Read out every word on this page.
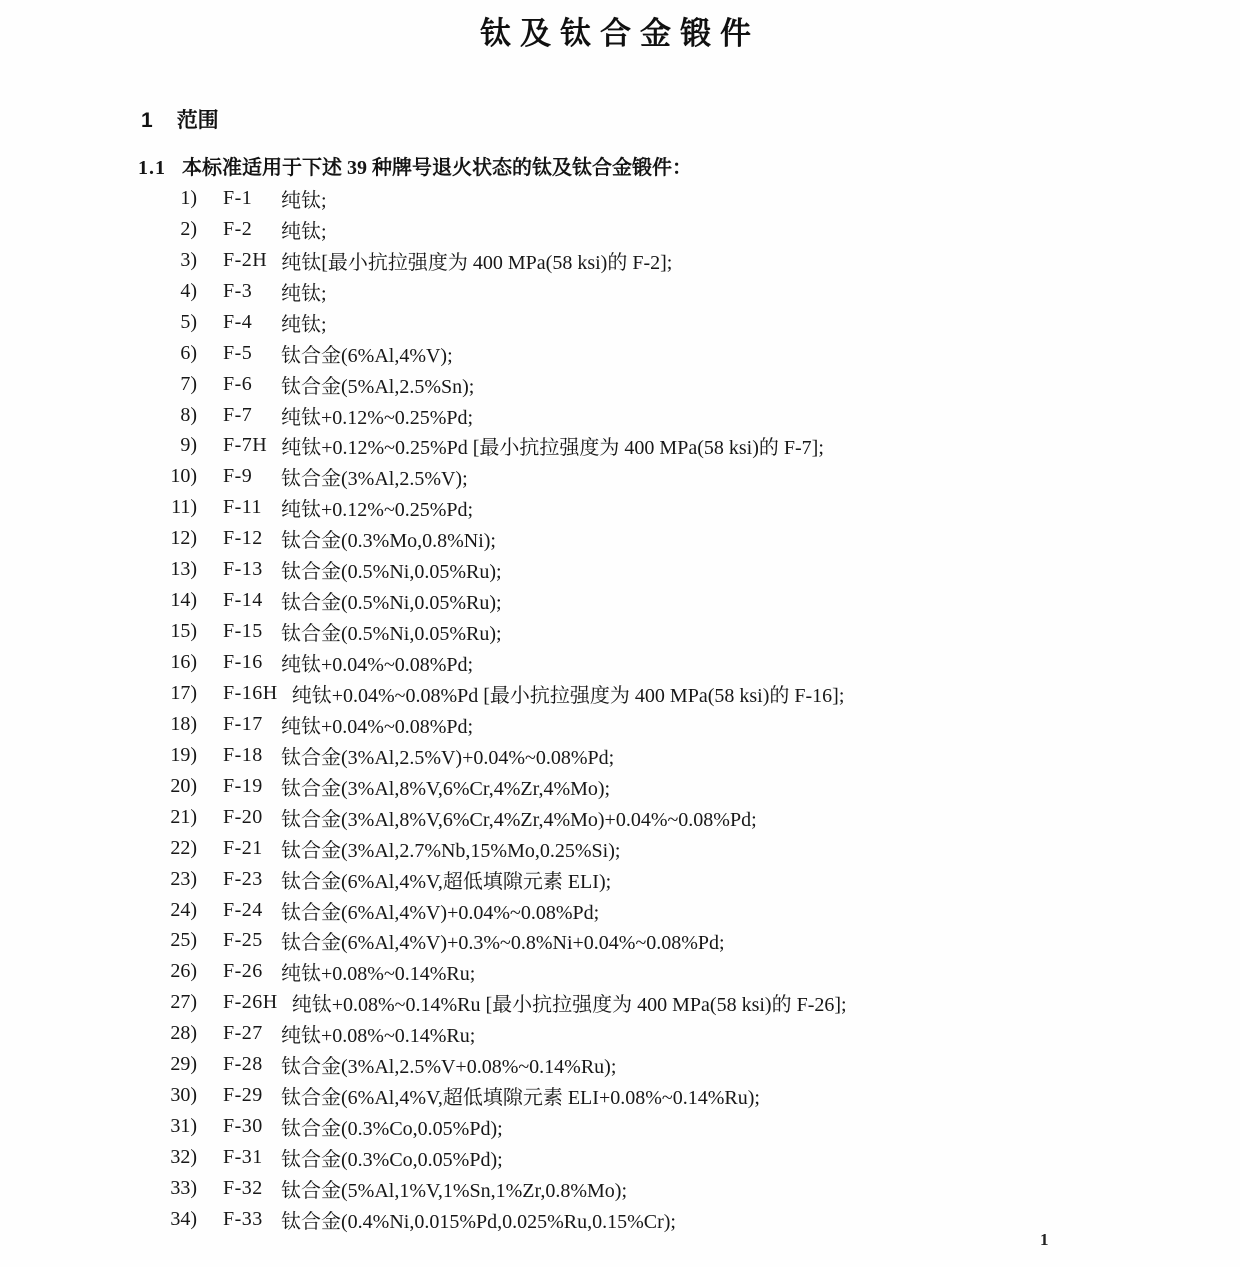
钛及钛合金锻件
1 范围
1.1 本标准适用于下述 39 种牌号退火状态的钛及钛合金锻件：
1) F-1	纯钛;
2) F-2	纯钛;
3) F-2H 纯钛[最小抗拉强度为 400 MPa(58 ksi)的 F-2];
4) F-3	纯钛;
5) F-4	纯钛;
6) F-5	钛合金(6%Al,4%V);
7) F-6	钛合金(5%Al,2.5%Sn);
8) F-7	纯钛+0.12%~0.25%Pd;
9) F-7H 纯钛+0.12%~0.25%Pd [最小抗拉强度为 400 MPa(58 ksi)的 F-7];
10) F-9	钛合金(3%Al,2.5%V);
11) F-11 纯钛+0.12%~0.25%Pd;
12) F-12 钛合金(0.3%Mo,0.8%Ni);
13) F-13 钛合金(0.5%Ni,0.05%Ru);
14) F-14 钛合金(0.5%Ni,0.05%Ru);
15) F-15 钛合金(0.5%Ni,0.05%Ru);
16) F-16 纯钛+0.04%~0.08%Pd;
17) F-16H 纯钛+0.04%~0.08%Pd [最小抗拉强度为 400 MPa(58 ksi)的 F-16];
18) F-17 纯钛+0.04%~0.08%Pd;
19) F-18 钛合金(3%Al,2.5%V)+0.04%~0.08%Pd;
20) F-19 钛合金(3%Al,8%V,6%Cr,4%Zr,4%Mo);
21) F-20 钛合金(3%Al,8%V,6%Cr,4%Zr,4%Mo)+0.04%~0.08%Pd;
22) F-21 钛合金(3%Al,2.7%Nb,15%Mo,0.25%Si);
23) F-23 钛合金(6%Al,4%V,超低填隙元素 ELI);
24) F-24 钛合金(6%Al,4%V)+0.04%~0.08%Pd;
25) F-25 钛合金(6%Al,4%V)+0.3%~0.8%Ni+0.04%~0.08%Pd;
26) F-26 纯钛+0.08%~0.14%Ru;
27) F-26H 纯钛+0.08%~0.14%Ru [最小抗拉强度为 400 MPa(58 ksi)的 F-26];
28) F-27 纯钛+0.08%~0.14%Ru;
29) F-28 钛合金(3%Al,2.5%V+0.08%~0.14%Ru);
30) F-29 钛合金(6%Al,4%V,超低填隙元素 ELI+0.08%~0.14%Ru);
31) F-30 钛合金(0.3%Co,0.05%Pd);
32) F-31 钛合金(0.3%Co,0.05%Pd);
33) F-32 钛合金(5%Al,1%V,1%Sn,1%Zr,0.8%Mo);
34) F-33 钛合金(0.4%Ni,0.015%Pd,0.025%Ru,0.15%Cr);
1
